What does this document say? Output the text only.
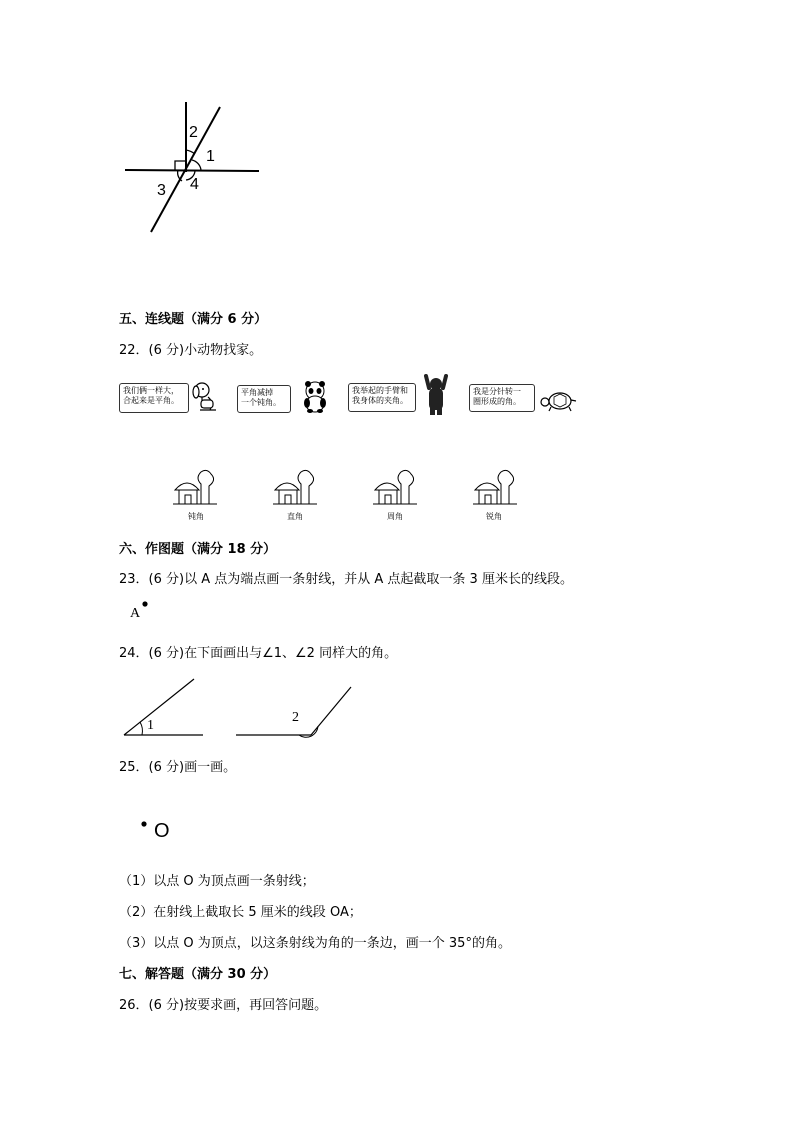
2
1
3 4
五、连线题（满分 6 分）
22．(6 分)小动物找家。
我们俩一样大，
合起来是平角。
平角减掉
一个钝角。
我举起的手臂和
我身体的夹角。
我是分针转一
圈形成的角。
钝角	直角	周角	锐角
六、作图题（满分 18 分）
23．(6 分)以 A 点为端点画一条射线，并从 A 点起截取一条 3 厘米长的线段。
A
24．(6 分)在下面画出与∠1、∠2 同样大的角。
1
2
25．(6 分)画一画。
O
（1）以点 O 为顶点画一条射线；
（2）在射线上截取长 5 厘米的线段 OA；
（3）以点 O 为顶点，以这条射线为角的一条边，画一个 35°的角。
七、解答题（满分 30 分）
26．(6 分)按要求画，再回答问题。
